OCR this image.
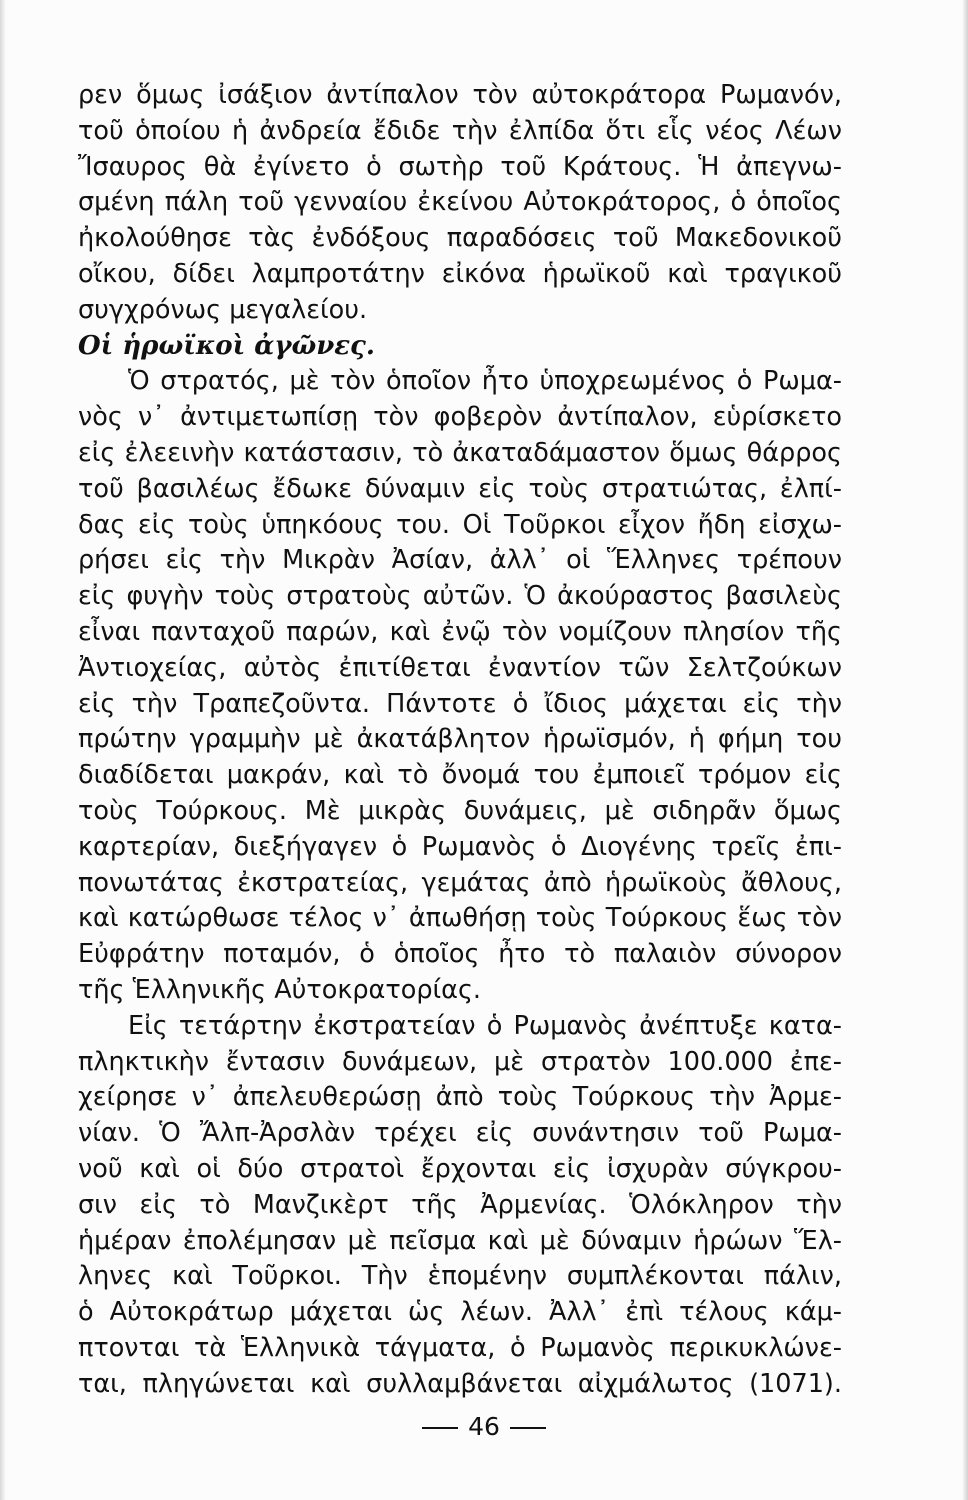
ρεν ὅμως ἰσάξιον ἀντίπαλον τὸν αὐτοκράτορα Ρωμανόν,
τοῦ ὁποίου ἡ ἀνδρεία ἔδιδε τὴν ἐλπίδα ὅτι εἷς νέος Λέων
Ἴσαυρος θὰ ἐγίνετο ὁ σωτὴρ τοῦ Κράτους. Ἡ ἀπεγνω-
σμένη πάλη τοῦ γενναίου ἐκείνου Αὐτοκράτορος, ὁ ὁποῖος
ἠκολούθησε τὰς ἐνδόξους παραδόσεις τοῦ Μακεδονικοῦ
οἴκου, δίδει λαμπροτάτην εἰκόνα ἡρωϊκοῦ καὶ τραγικοῦ
συγχρόνως μεγαλείου.
Οἱ ἡρωϊκοὶ ἀγῶνες.
Ὁ στρατός, μὲ τὸν ὁποῖον ἦτο ὑποχρεωμένος ὁ Ρωμα-
νὸς ν᾿ ἀντιμετωπίσῃ τὸν φοβερὸν ἀντίπαλον, εὑρίσκετο
εἰς ἐλεεινὴν κατάστασιν, τὸ ἀκαταδάμαστον ὅμως θάρρος
τοῦ βασιλέως ἔδωκε δύναμιν εἰς τοὺς στρατιώτας, ἐλπί-
δας εἰς τοὺς ὑπηκόους του. Οἱ Τοῦρκοι εἶχον ἤδη εἰσχω-
ρήσει εἰς τὴν Μικρὰν Ἀσίαν, ἀλλ᾿ οἱ Ἕλληνες τρέπουν
εἰς φυγὴν τοὺς στρατοὺς αὐτῶν. Ὁ ἀκούραστος βασιλεὺς
εἶναι πανταχοῦ παρών, καὶ ἐνῷ τὸν νομίζουν πλησίον τῆς
Ἀντιοχείας, αὐτὸς ἐπιτίθεται ἐναντίον τῶν Σελτζούκων
εἰς τὴν Τραπεζοῦντα. Πάντοτε ὁ ἴδιος μάχεται εἰς τὴν
πρώτην γραμμὴν μὲ ἀκατάβλητον ἡρωϊσμόν, ἡ φήμη του
διαδίδεται μακράν, καὶ τὸ ὄνομά του ἐμποιεῖ τρόμον εἰς
τοὺς Τούρκους. Μὲ μικρὰς δυνάμεις, μὲ σιδηρᾶν ὅμως
καρτερίαν, διεξήγαγεν ὁ Ρωμανὸς ὁ Διογένης τρεῖς ἐπι-
πονωτάτας ἐκστρατείας, γεμάτας ἀπὸ ἡρωϊκοὺς ἄθλους,
καὶ κατώρθωσε τέλος ν᾿ ἀπωθήσῃ τοὺς Τούρκους ἕως τὸν
Εὐφράτην ποταμόν, ὁ ὁποῖος ἦτο τὸ παλαιὸν σύνορον
τῆς Ἑλληνικῆς Αὐτοκρατορίας.
Εἰς τετάρτην ἐκστρατείαν ὁ Ρωμανὸς ἀνέπτυξε κατα-
πληκτικὴν ἔντασιν δυνάμεων, μὲ στρατὸν 100.000 ἐπε-
χείρησε ν᾿ ἀπελευθερώσῃ ἀπὸ τοὺς Τούρκους τὴν Ἀρμε-
νίαν. Ὁ Ἄλπ-Ἀρσλὰν τρέχει εἰς συνάντησιν τοῦ Ρωμα-
νοῦ καὶ οἱ δύο στρατοὶ ἔρχονται εἰς ἰσχυρὰν σύγκρου-
σιν εἰς τὸ Μανζικὲρτ τῆς Ἀρμενίας. Ὁλόκληρον τὴν
ἡμέραν ἐπολέμησαν μὲ πεῖσμα καὶ μὲ δύναμιν ἡρώων Ἕλ-
ληνες καὶ Τοῦρκοι. Τὴν ἑπομένην συμπλέκονται πάλιν,
ὁ Αὐτοκράτωρ μάχεται ὡς λέων. Ἀλλ᾿ ἐπὶ τέλους κάμ-
πτονται τὰ Ἑλληνικὰ τάγματα, ὁ Ρωμανὸς περικυκλώνε-
ται, πληγώνεται καὶ συλλαμβάνεται αἰχμάλωτος (1071).
46
